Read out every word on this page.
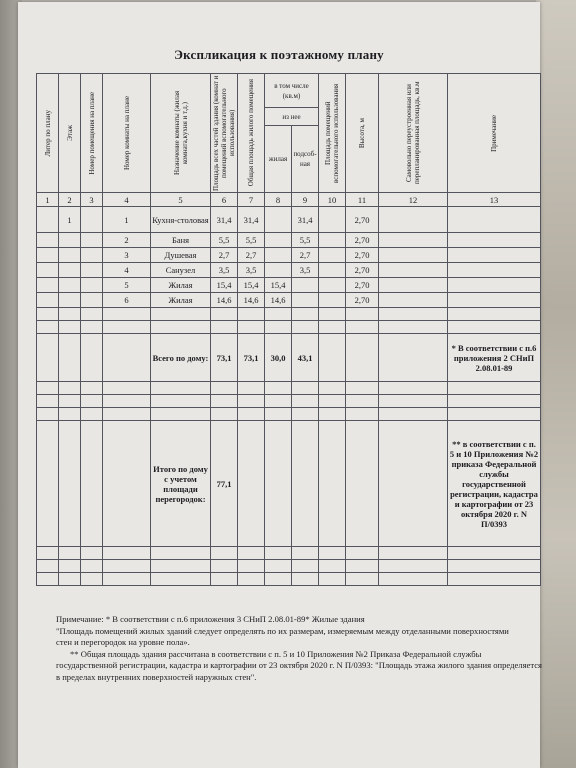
Экспликация к поэтажному плану
Литер по плану	Этаж	Номер помещения на плане	Номер комнаты на плане	Назначение комнаты (жилая комната,кухня и т.д.)	Площадь всех частей здания (комнат и помещений вспомогательного использования)	Общая площадь жилого помещения	в том числе (кв.м)		Площадь помещений вспомогательного использования	Высота, м	Самовольно переустроенная или перепланированная площадь, кв.м	Примечание

							из нее					
							жилая	подсоб-ная				
1	2	3	4	5	6	7	8	9	10	11	12	13
	1		1	Кухня-столовая	31,4	31,4		31,4		2,70		
			2	Баня	5,5	5,5		5,5		2,70		
			3	Душевая	2,7	2,7		2,7		2,70		
			4	Санузел	3,5	3,5		3,5		2,70		
			5	Жилая	15,4	15,4	15,4			2,70		
			6	Жилая	14,6	14,6	14,6			2,70		

				Всего по дому:	73,1	73,1	30,0	43,1				* В соответствии с п.6 приложения 2 СНиП 2.08.01-89

				Итого по дому с учетом площади перегородок:	77,1							** в соответствии с п. 5 и 10 Приложения №2 приказа Федеральной службы государственной регистрации, кадастра и картографии от 23 октября 2020 г. N П/0393

Примечание: * В соответствии с п.6 приложения 3 СНиП 2.08.01-89* Жилые здания
"Площадь помещений жилых зданий следует определять по их размерам, измеряемым между отделанными поверхностями
стен и перегородок на уровне пола».
** Общая площадь здания рассчитана в соответствии с п. 5 и 10 Приложения №2 Приказа Федеральной службы
государственной регистрации, кадастра и картографии от 23 октября 2020 г. N П/0393: "Площадь этажа жилого здания определяется
в пределах внутренних поверхностей наружных стен".
